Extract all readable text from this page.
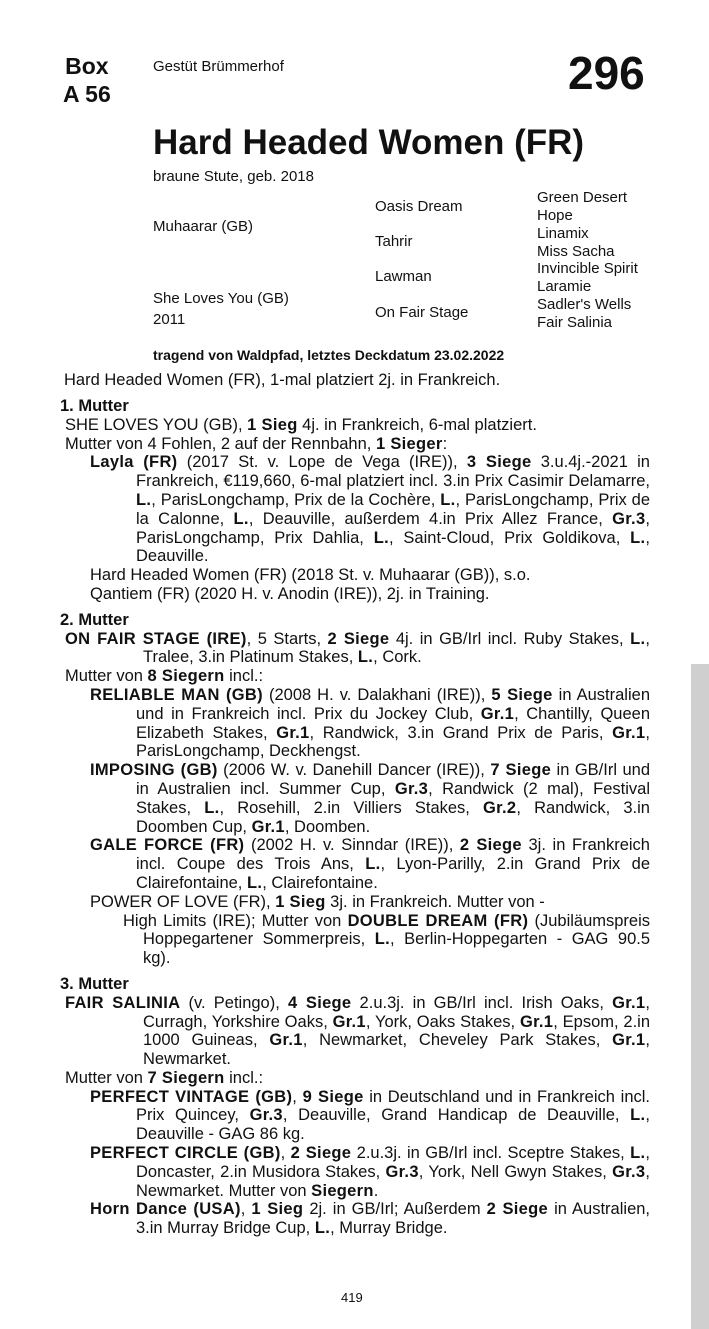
Box
A 56
Gestüt Brümmerhof	296
Hard Headed Women (FR)
braune Stute, geb. 2018
Muhaarar (GB)
She Loves You (GB)
2011
Oasis Dream
Tahrir
Lawman
On Fair Stage
Green Desert
Hope
Linamix
Miss Sacha
Invincible Spirit
Laramie
Sadler's Wells
Fair Salinia
tragend von Waldpfad, letztes Deckdatum 23.02.2022
Hard Headed Women (FR), 1-mal platziert 2j. in Frankreich.
1. Mutter
SHE LOVES YOU (GB), 1 Sieg 4j. in Frankreich, 6-mal platziert.
Mutter von 4 Fohlen, 2 auf der Rennbahn, 1 Sieger:
Layla (FR) (2017 St. v. Lope de Vega (IRE)), 3 Siege 3.u.4j.-2021 in Frankreich, €119,660, 6-mal platziert incl. 3.in Prix Casimir Delamarre, L., ParisLongchamp, Prix de la Cochère, L., ParisLongchamp, Prix de la Calonne, L., Deauville, außerdem 4.in Prix Allez France, Gr.3, ParisLongchamp, Prix Dahlia, L., Saint-Cloud, Prix Goldikova, L., Deauville.
Hard Headed Women (FR) (2018 St. v. Muhaarar (GB)), s.o.
Qantiem (FR) (2020 H. v. Anodin (IRE)), 2j. in Training.
2. Mutter
ON FAIR STAGE (IRE), 5 Starts, 2 Siege 4j. in GB/Irl incl. Ruby Stakes, L., Tralee, 3.in Platinum Stakes, L., Cork.
Mutter von 8 Siegern incl.:
RELIABLE MAN (GB) (2008 H. v. Dalakhani (IRE)), 5 Siege in Australien und in Frankreich incl. Prix du Jockey Club, Gr.1, Chantilly, Queen Elizabeth Stakes, Gr.1, Randwick, 3.in Grand Prix de Paris, Gr.1, ParisLongchamp, Deckhengst.
IMPOSING (GB) (2006 W. v. Danehill Dancer (IRE)), 7 Siege in GB/Irl und in Australien incl. Summer Cup, Gr.3, Randwick (2 mal), Festival Stakes, L., Rosehill, 2.in Villiers Stakes, Gr.2, Randwick, 3.in Doomben Cup, Gr.1, Doomben.
GALE FORCE (FR) (2002 H. v. Sinndar (IRE)), 2 Siege 3j. in Frankreich incl. Coupe des Trois Ans, L., Lyon-Parilly, 2.in Grand Prix de Clairefontaine, L., Clairefontaine.
POWER OF LOVE (FR), 1 Sieg 3j. in Frankreich. Mutter von -
High Limits (IRE); Mutter von DOUBLE DREAM (FR) (Jubiläumspreis Hoppegartener Sommerpreis, L., Berlin-Hoppegarten - GAG 90.5 kg).
3. Mutter
FAIR SALINIA (v. Petingo), 4 Siege 2.u.3j. in GB/Irl incl. Irish Oaks, Gr.1, Curragh, Yorkshire Oaks, Gr.1, York, Oaks Stakes, Gr.1, Epsom, 2.in 1000 Guineas, Gr.1, Newmarket, Cheveley Park Stakes, Gr.1, Newmarket.
Mutter von 7 Siegern incl.:
PERFECT VINTAGE (GB), 9 Siege in Deutschland und in Frankreich incl. Prix Quincey, Gr.3, Deauville, Grand Handicap de Deauville, L., Deauville - GAG 86 kg.
PERFECT CIRCLE (GB), 2 Siege 2.u.3j. in GB/Irl incl. Sceptre Stakes, L., Doncaster, 2.in Musidora Stakes, Gr.3, York, Nell Gwyn Stakes, Gr.3, Newmarket. Mutter von Siegern.
Horn Dance (USA), 1 Sieg 2j. in GB/Irl; Außerdem 2 Siege in Australien, 3.in Murray Bridge Cup, L., Murray Bridge.
419
